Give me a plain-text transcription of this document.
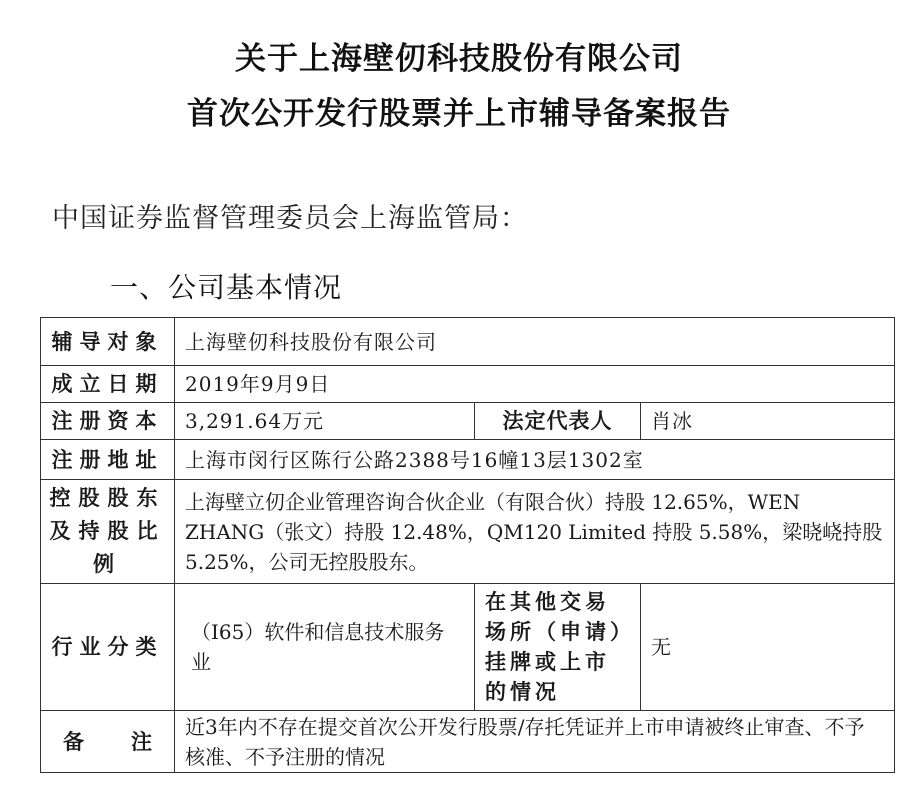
关于上海壁仞科技股份有限公司
首次公开发行股票并上市辅导备案报告
中国证券监督管理委员会上海监管局：
一、公司基本情况
辅导对象	上海壁仞科技股份有限公司		
成立日期	2019年9月9日		
注册资本	3,291.64万元	法定代表人	肖冰
注册地址	上海市闵行区陈行公路2388号16幢13层1302室		
控股股东及持股比例	上海壁立仞企业管理咨询合伙企业（有限合伙）持股 12.65%，WEN ZHANG（张文）持股 12.48%，QM120 Limited 持股 5.58%，梁晓峣持股 5.25%，公司无控股股东。		
行业分类	（I65）软件和信息技术服务业	在其他交易场所（申请）挂牌或上市的情况	无
备注	近3年内不存在提交首次公开发行股票/存托凭证并上市申请被终止审查、不予核准、不予注册的情况		
